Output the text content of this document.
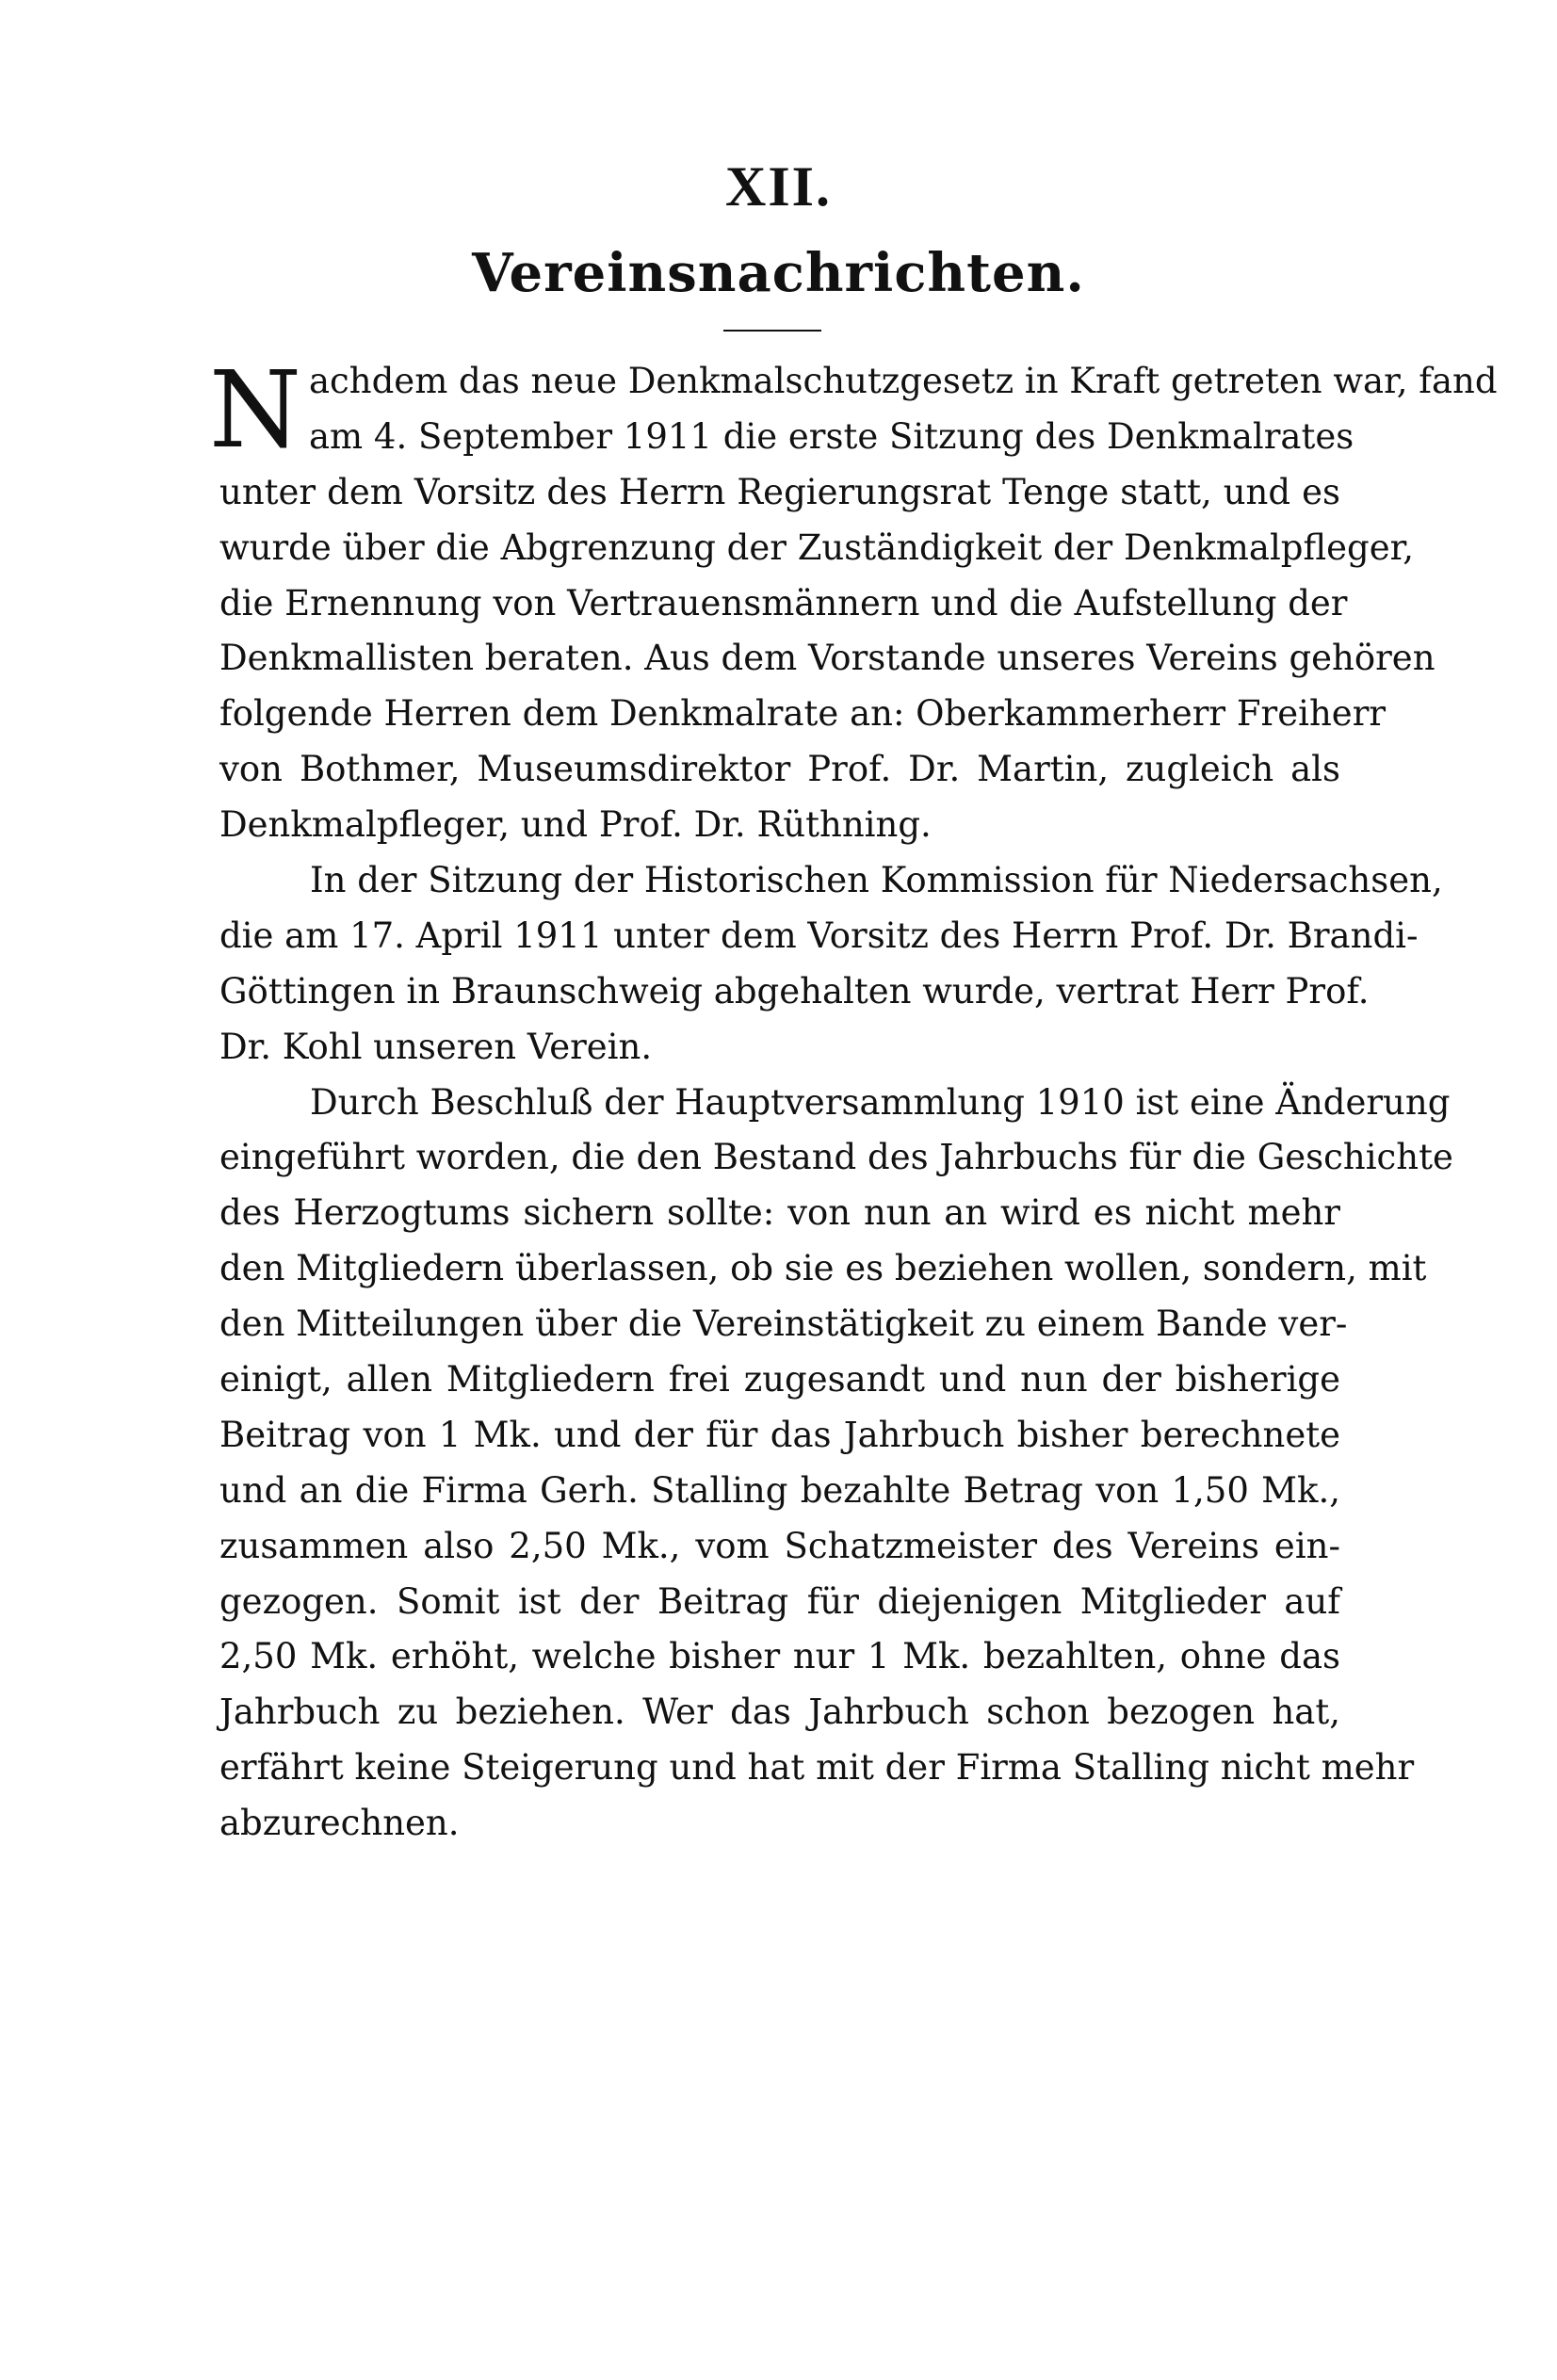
XII.
Vereinsnachrichten.
N achdem das neue Denkmalschutzgesetz in Kraft getreten war, fand
am 4. September 1911 die erste Sitzung des Denkmalrates
unter dem Vorsitz des Herrn Regierungsrat Tenge statt, und es
wurde über die Abgrenzung der Zuständigkeit der Denkmalpfleger,
die Ernennung von Vertrauensmännern und die Aufstellung der
Denkmallisten beraten. Aus dem Vorstande unseres Vereins gehören
folgende Herren dem Denkmalrate an: Oberkammerherr Freiherr
von Bothmer, Museumsdirektor Prof. Dr. Martin, zugleich als
Denkmalpfleger, und Prof. Dr. Rüthning.
In der Sitzung der Historischen Kommission für Niedersachsen,
die am 17. April 1911 unter dem Vorsitz des Herrn Prof. Dr. Brandi-
Göttingen in Braunschweig abgehalten wurde, vertrat Herr Prof.
Dr. Kohl unseren Verein.
Durch Beschluß der Hauptversammlung 1910 ist eine Änderung
eingeführt worden, die den Bestand des Jahrbuchs für die Geschichte
des Herzogtums sichern sollte: von nun an wird es nicht mehr
den Mitgliedern überlassen, ob sie es beziehen wollen, sondern, mit
den Mitteilungen über die Vereinstätigkeit zu einem Bande ver-
einigt, allen Mitgliedern frei zugesandt und nun der bisherige
Beitrag von 1 Mk. und der für das Jahrbuch bisher berechnete
und an die Firma Gerh. Stalling bezahlte Betrag von 1,50 Mk.,
zusammen also 2,50 Mk., vom Schatzmeister des Vereins ein-
gezogen. Somit ist der Beitrag für diejenigen Mitglieder auf
2,50 Mk. erhöht, welche bisher nur 1 Mk. bezahlten, ohne das
Jahrbuch zu beziehen. Wer das Jahrbuch schon bezogen hat,
erfährt keine Steigerung und hat mit der Firma Stalling nicht mehr
abzurechnen.
